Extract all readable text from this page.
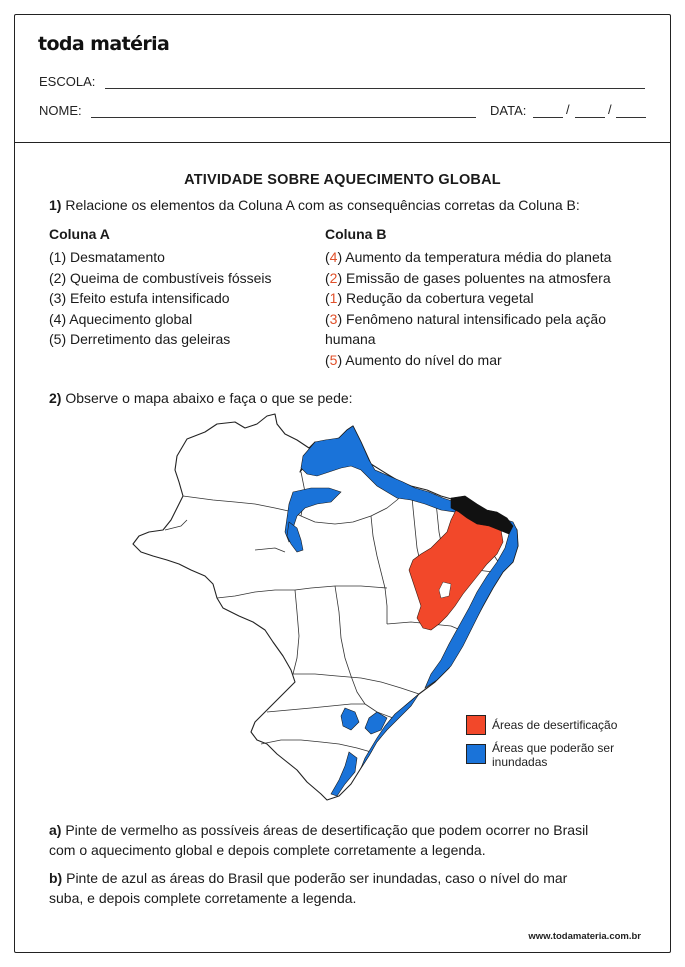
toda matéria
ESCOLA:
NOME:	DATA:	/	/
ATIVIDADE SOBRE AQUECIMENTO GLOBAL
1) Relacione os elementos da Coluna A com as consequências corretas da Coluna B:
Coluna A
(1) Desmatamento
(2) Queima de combustíveis fósseis
(3) Efeito estufa intensificado
(4) Aquecimento global
(5) Derretimento das geleiras
Coluna B
(4) Aumento da temperatura média do planeta
(2) Emissão de gases poluentes na atmosfera
(1) Redução da cobertura vegetal
(3) Fenômeno natural intensificado pela ação
humana
(5) Aumento do nível do mar
2) Observe o mapa abaixo e faça o que se pede:
Áreas de desertificação
Áreas que poderão ser
inundadas
a) Pinte de vermelho as possíveis áreas de desertificação que podem ocorrer no Brasil
com o aquecimento global e depois complete corretamente a legenda.
b) Pinte de azul as áreas do Brasil que poderão ser inundadas, caso o nível do mar
suba, e depois complete corretamente a legenda.
www.todamateria.com.br
